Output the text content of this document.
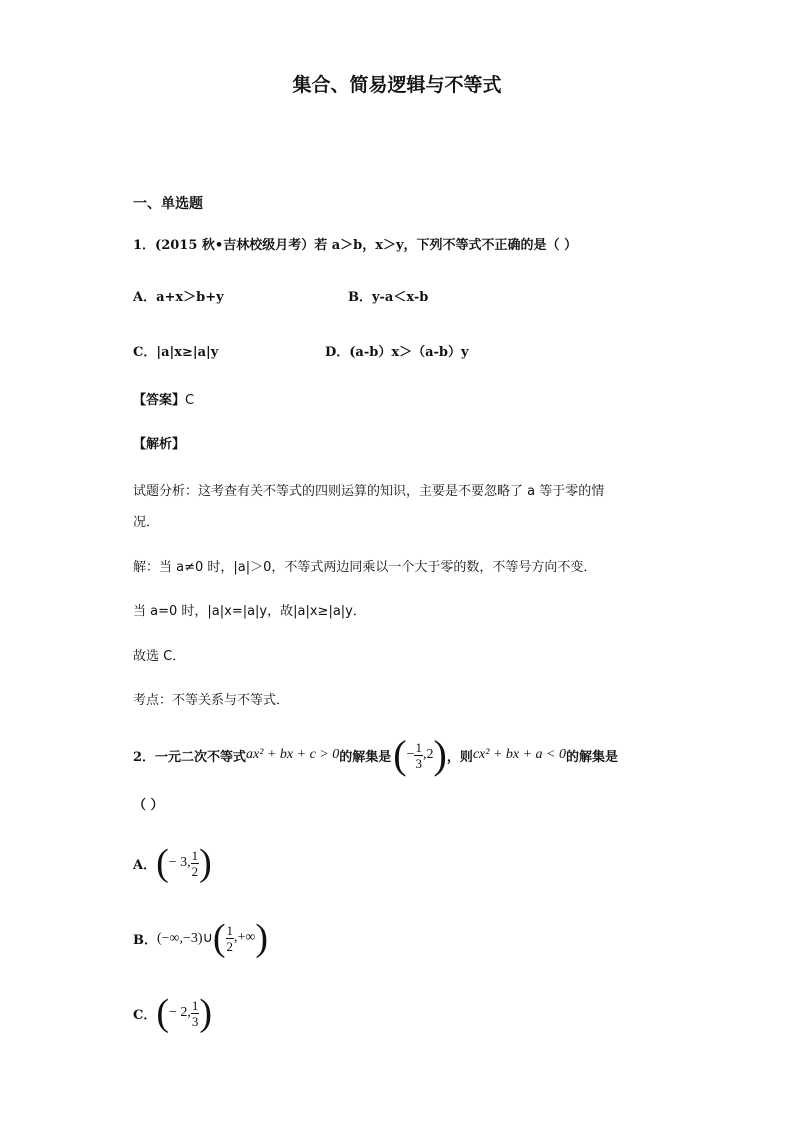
集合、简易逻辑与不等式
一、单选题
1．(2015 秋•吉林校级月考）若 a＞b，x＞y，下列不等式不正确的是（ ）
A．a+x＞b+y	B．y-a＜x-b
C．|a|x≥|a|y	D．(a-b）x＞（a-b）y
【答案】C
【解析】
试题分析：这考查有关不等式的四则运算的知识，主要是不要忽略了 a 等于零的情
况．
解：当 a≠0 时，|a|＞0，不等式两边同乘以一个大于零的数，不等号方向不变．
当 a=0 时，|a|x=|a|y，故|a|x≥|a|y．
故选 C．
考点：不等关系与不等式．
2．一元二次不等式 ax² + bx + c > 0 的解集是 ( − $\frac{1}{3} ,2$ ) ，则 cx² + bx + a < 0 的解集是
（ ）
A． ( − 3, $\frac{1}{2}$ )
B． (−∞,−3)∪ ( $\frac{1}{2}$ ,+∞ )
C． ( − 2, $\frac{1}{3}$ )
